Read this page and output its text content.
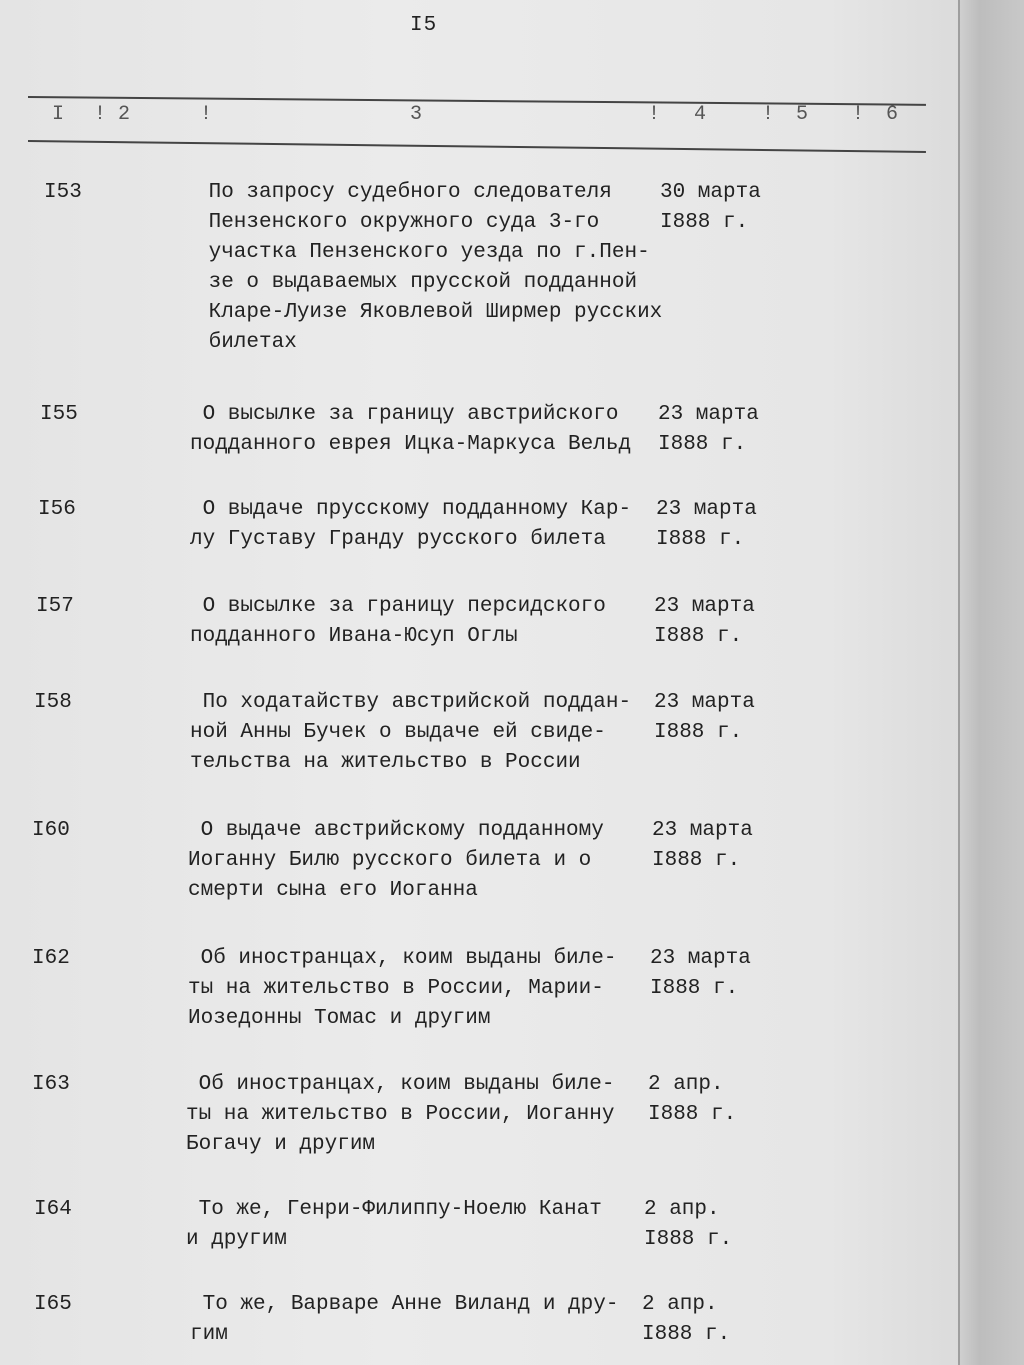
I5
I ! 2	!	3	! 4	! 5 ! 6
I53	По запросу судебного следователя
Пензенского окружного суда 3-го
участка Пензенского уезда по г.Пен-
зе о выдаваемых прусской подданной
Кларе-Луизе Яковлевой Ширмер русских
билетах
30 марта
I888 г.
I55	О высылке за границу австрийского
подданного еврея Ицка-Маркуса Вельд
23 марта
I888 г.
I56	О выдаче прусскому подданному Кар-
лу Густаву Гранду русского билета
23 марта
I888 г.
I57	О высылке за границу персидского
подданного Ивана-Юсуп Оглы
23 марта
I888 г.
I58	По ходатайству австрийской поддан-
ной Анны Бучек о выдаче ей свиде-
тельства на жительство в России
23 марта
I888 г.
I60	О выдаче австрийскому подданному
Иоганну Билю русского билета и о
смерти сына его Иоганна
23 марта
I888 г.
I62	Об иностранцах, коим выданы биле-
ты на жительство в России, Марии-
Иозедонны Томас и другим
23 марта
I888 г.
I63	Об иностранцах, коим выданы биле-
ты на жительство в России, Иоганну
Богачу и другим
2 апр.
I888 г.
I64	То же, Генри-Филиппу-Ноелю Канат
и другим
2 апр.
I888 г.
I65	То же, Варваре Анне Виланд и дру-
гим
2 апр.
I888 г.
